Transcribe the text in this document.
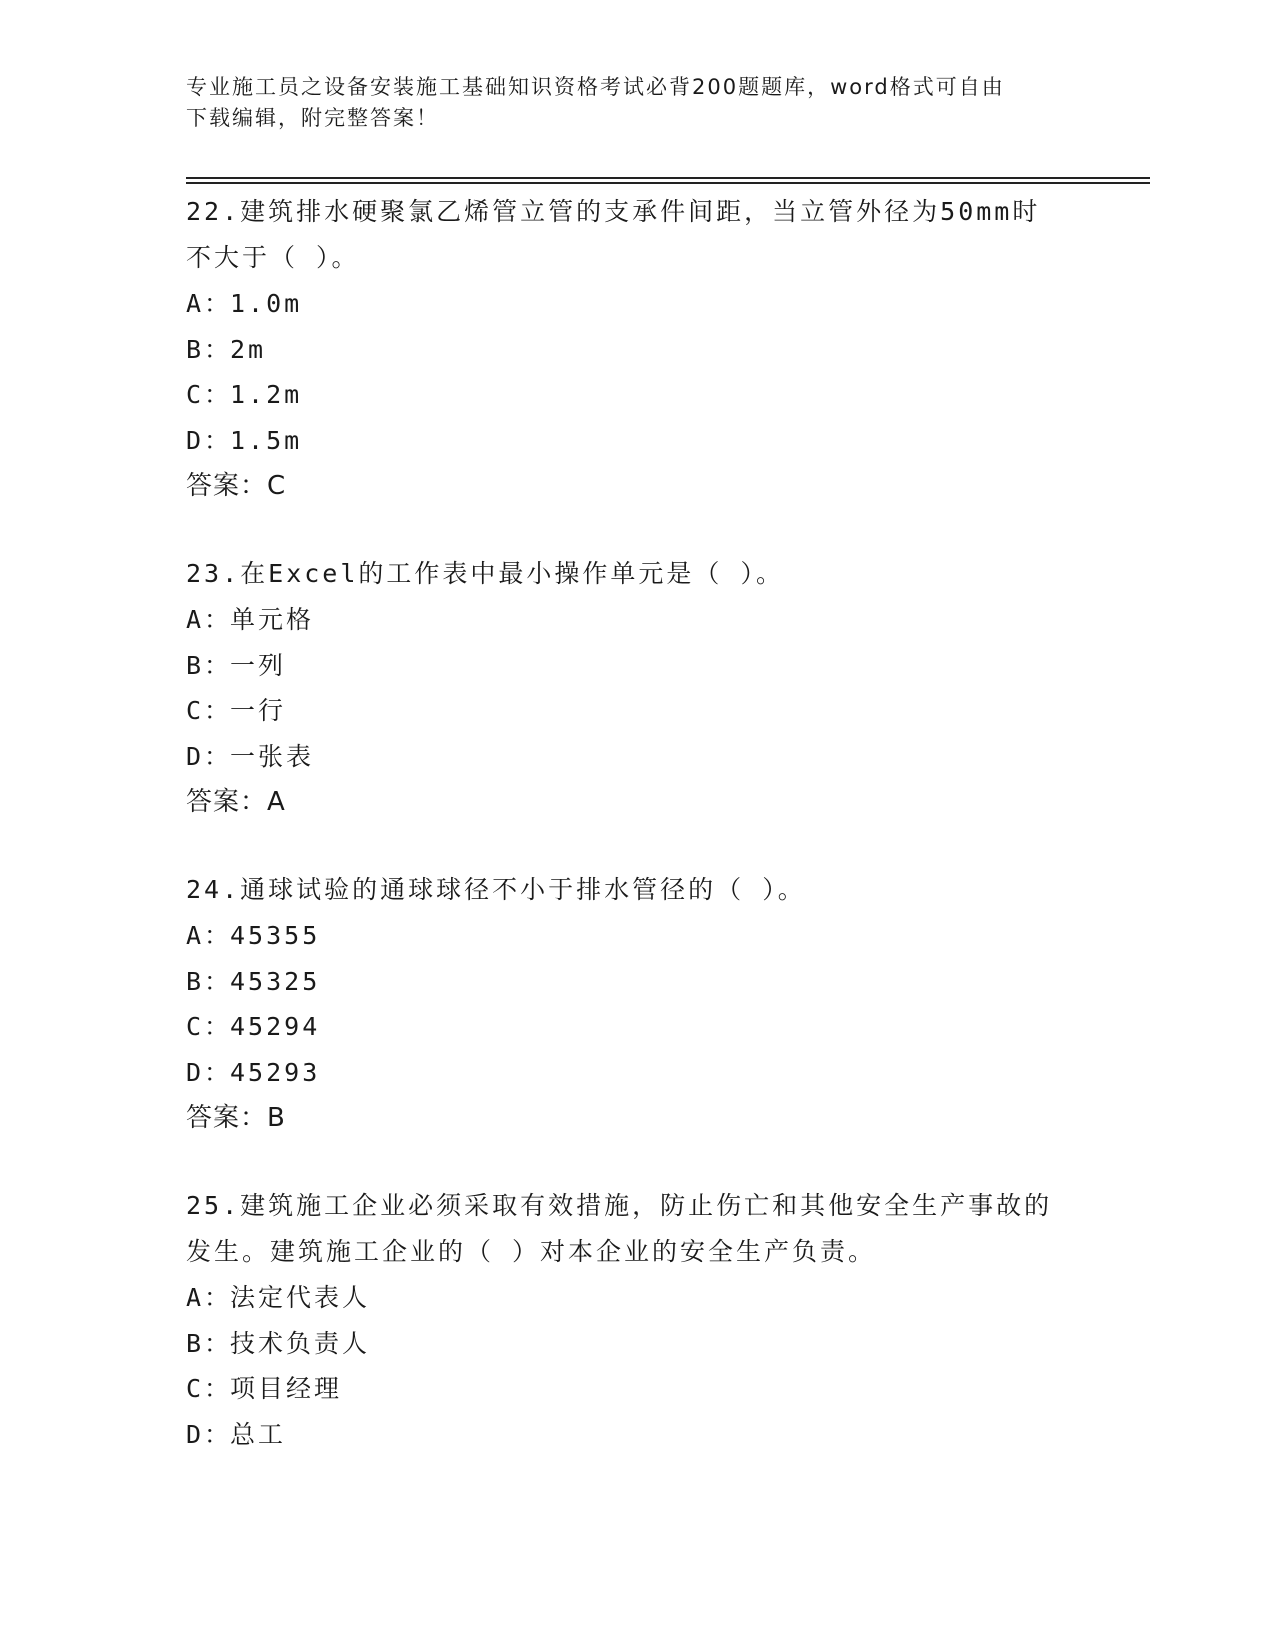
专业施工员之设备安装施工基础知识资格考试必背200题题库，word格式可自由
下载编辑，附完整答案！
22.建筑排水硬聚氯乙烯管立管的支承件间距，当立管外径为50mm时
不大于（ ）。
A：1.0m
B：2m
C：1.2m
D：1.5m
答案：C
23.在Excel的工作表中最小操作单元是（ ）。
A：单元格
B：一列
C：一行
D：一张表
答案：A
24.通球试验的通球球径不小于排水管径的（ ）。
A：45355
B：45325
C：45294
D：45293
答案：B
25.建筑施工企业必须采取有效措施，防止伤亡和其他安全生产事故的
发生。建筑施工企业的（ ）对本企业的安全生产负责。
A：法定代表人
B：技术负责人
C：项目经理
D：总工
